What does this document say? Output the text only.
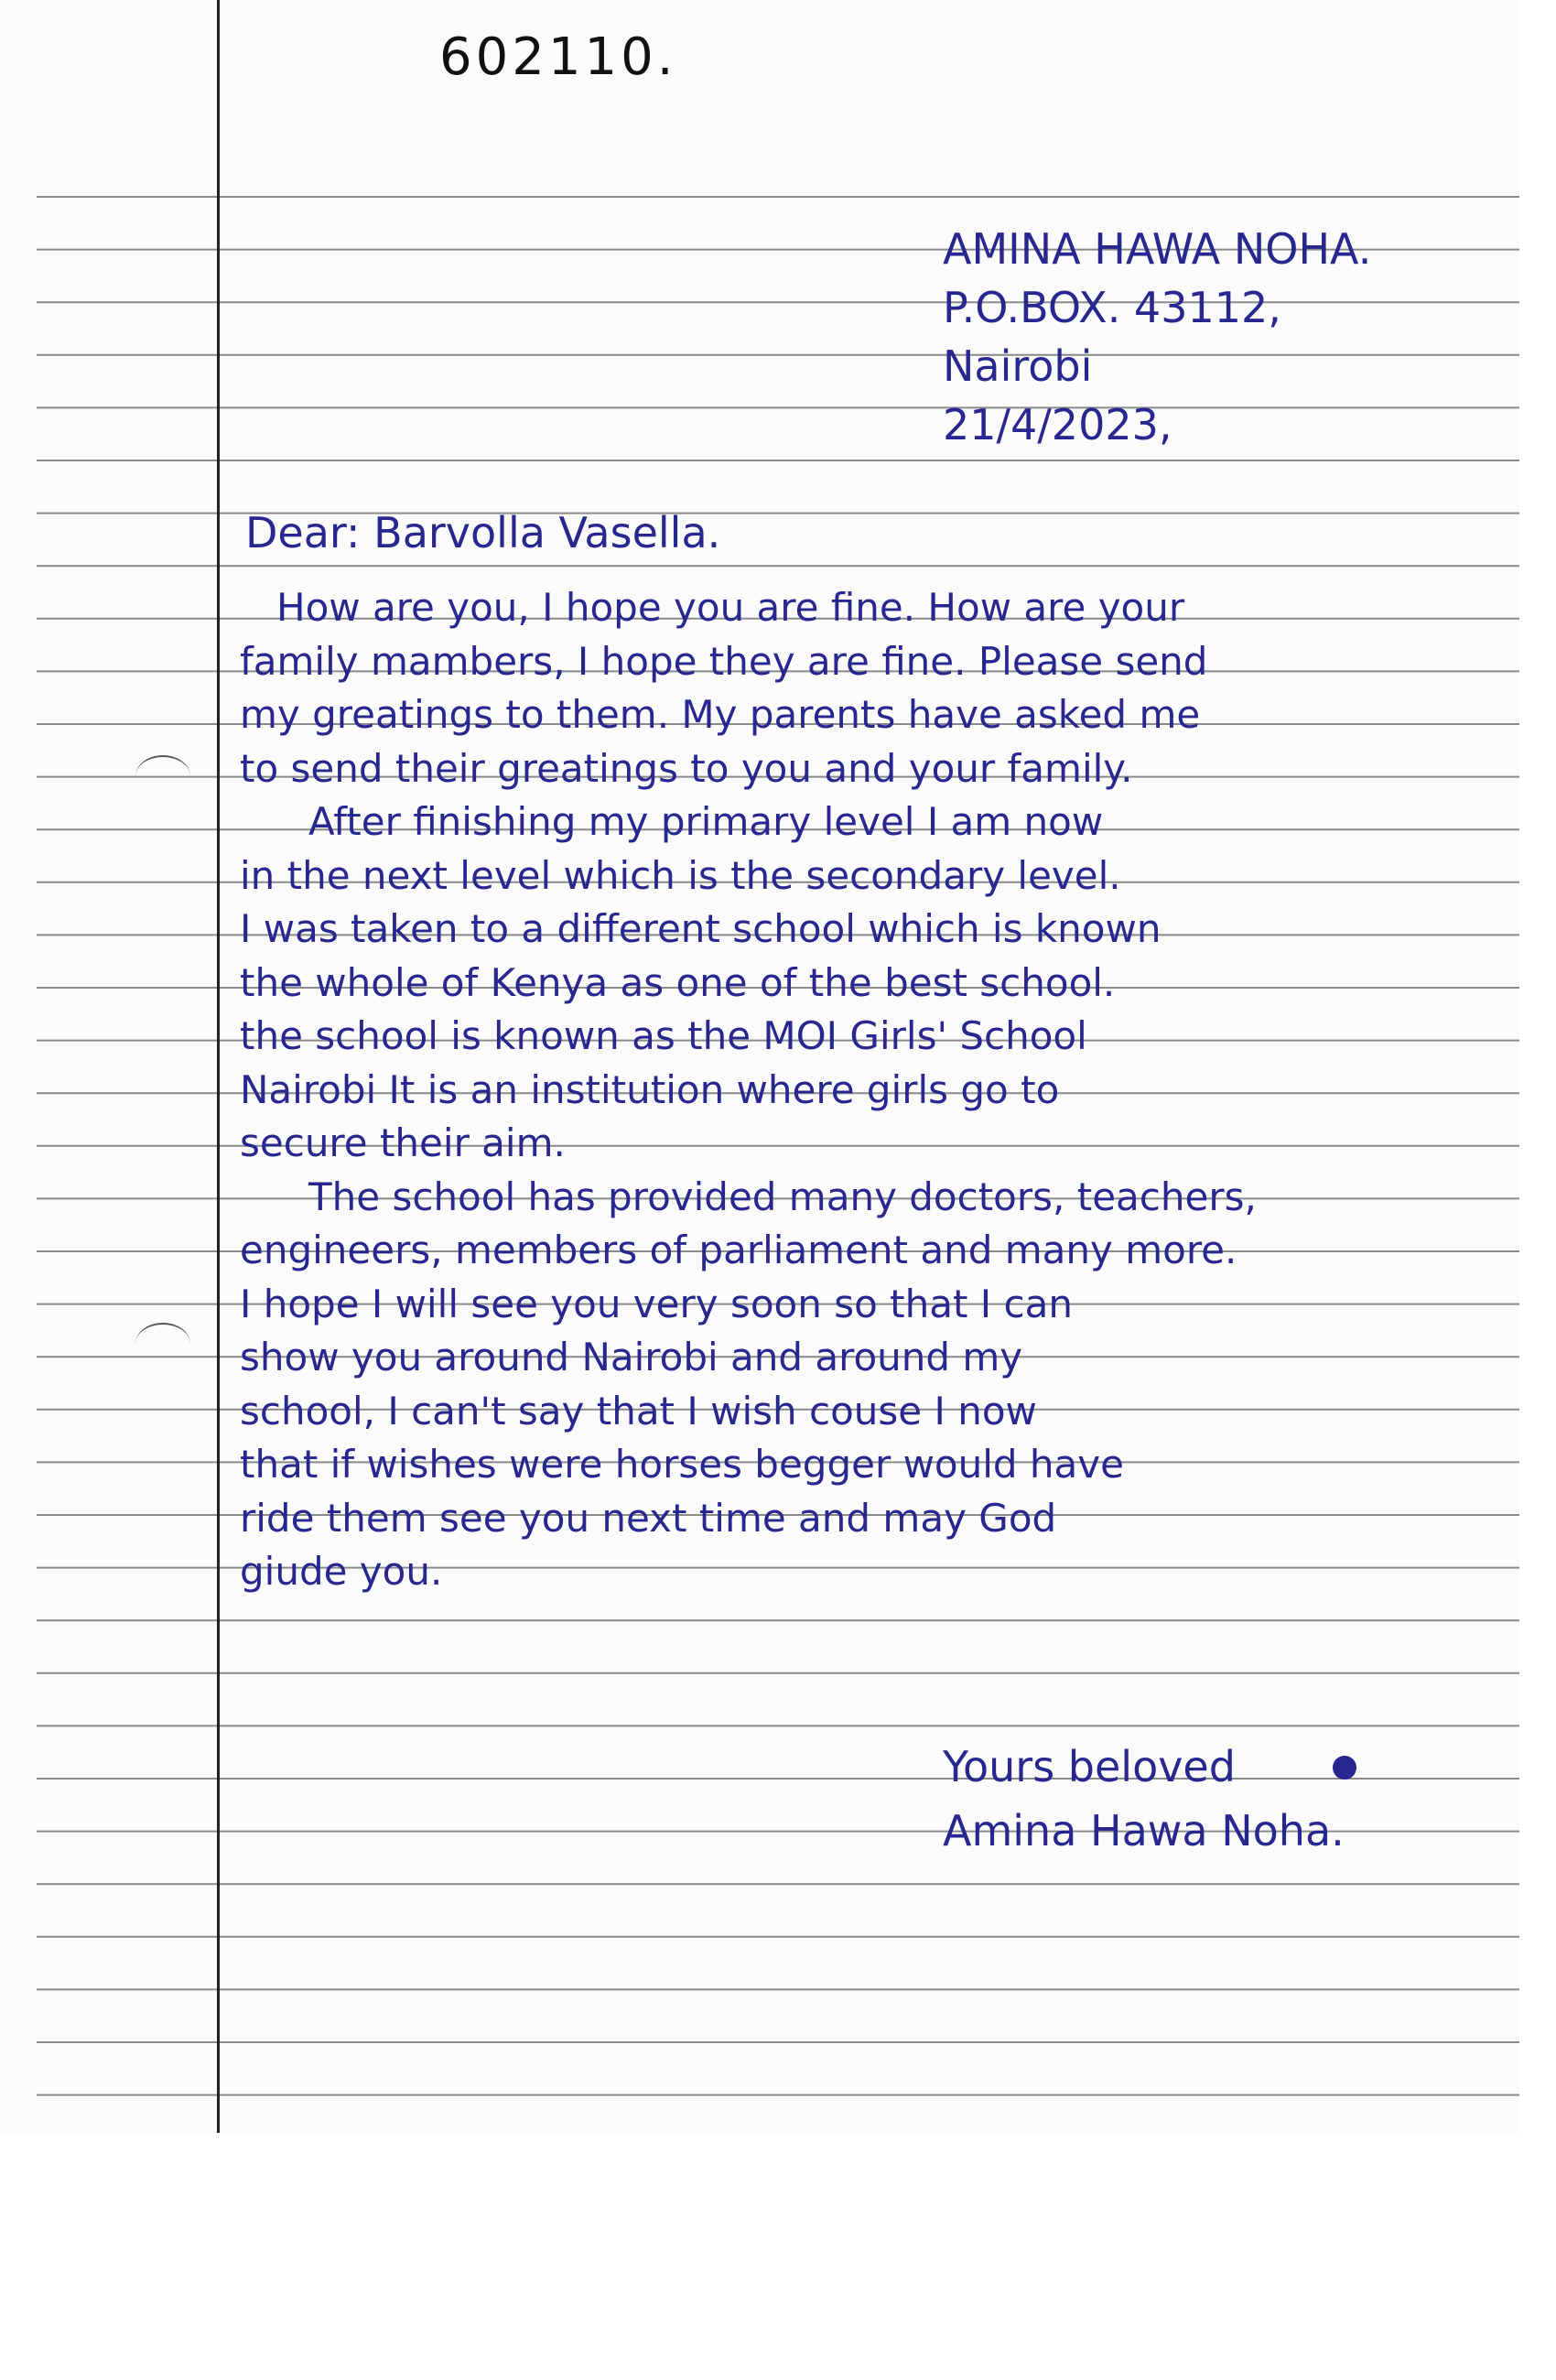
602110.
AMINA HAWA NOHA.
P.O.BOX. 43112,
Nairobi
21/4/2023,
Dear: Barvolla Vasella.
How are you, I hope you are fine. How are your
family mambers, I hope they are fine. Please send
my greatings to them. My parents have asked me
to send their greatings to you and your family.
After finishing my primary level I am now
in the next level which is the secondary level.
I was taken to a different school which is known
the whole of Kenya as one of the best school.
the school is known as the MOI Girls' School
Nairobi It is an institution where girls go to
secure their aim.
The school has provided many doctors, teachers,
engineers, members of parliament and many more.
I hope I will see you very soon so that I can
show you around Nairobi and around my
school, I can't say that I wish couse I now
that if wishes were horses begger would have
ride them see you next time and may God
giude you.
Yours beloved
Amina Hawa Noha.
